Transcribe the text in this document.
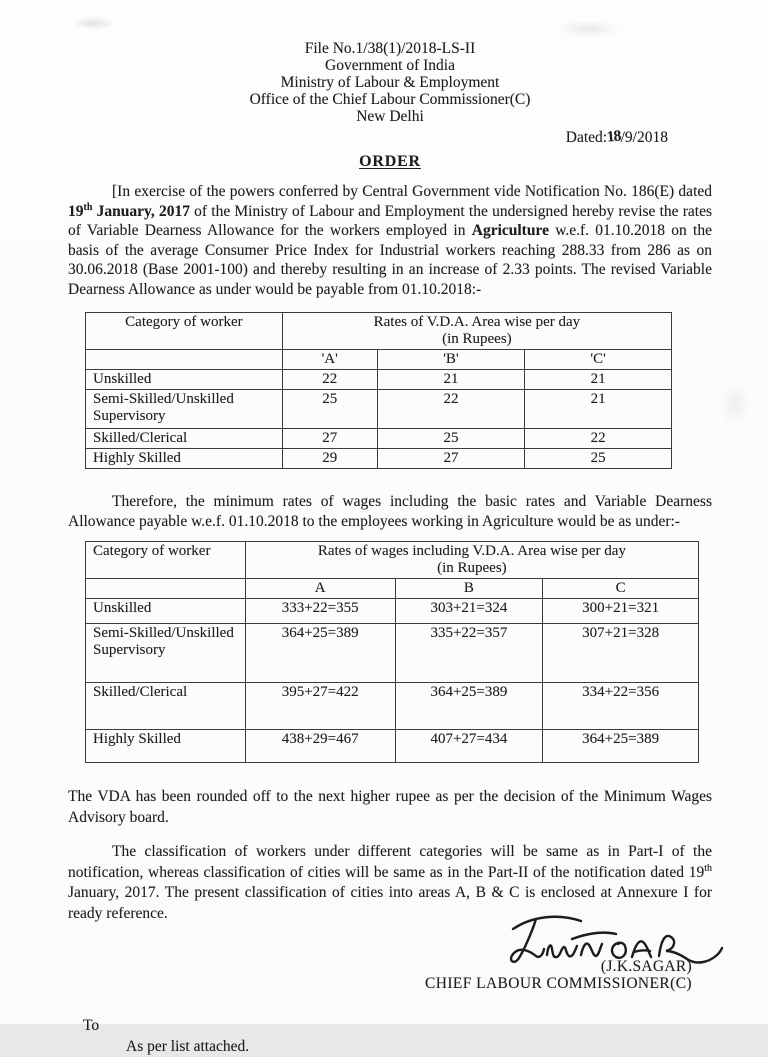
File No.1/38(1)/2018-LS-II
Government of India
Ministry of Labour & Employment
Office of the Chief Labour Commissioner(C)
New Delhi
Dated:18/9/2018
ORDER

[In exercise of the powers conferred by Central Government vide Notification No. 186(E) dated 19th January, 2017 of the Ministry of Labour and Employment the undersigned hereby revise the rates of Variable Dearness Allowance for the workers employed in Agriculture w.e.f. 01.10.2018 on the basis of the average Consumer Price Index for Industrial workers reaching 288.33 from 286 as on 30.06.2018 (Base 2001-100) and thereby resulting in an increase of 2.33 points. The revised Variable Dearness Allowance as under would be payable from 01.10.2018:-

Category of worker	Rates of V.D.A. Area wise per day
(in Rupees)		

	'A'	'B'	'C'
Unskilled	22	21	21
Semi-Skilled/Unskilled Supervisory	25	22	21
Skilled/Clerical	27	25	22
Highly Skilled	29	27	25

Therefore, the minimum rates of wages including the basic rates and Variable Dearness Allowance payable w.e.f. 01.10.2018 to the employees working in Agriculture would be as under:-

Category of worker	Rates of wages including V.D.A. Area wise per day
(in Rupees)		

	A	B	C
Unskilled	333+22=355	303+21=324	300+21=321
Semi-Skilled/Unskilled Supervisory	364+25=389	335+22=357	307+21=328
Skilled/Clerical	395+27=422	364+25=389	334+22=356
Highly Skilled	438+29=467	407+27=434	364+25=389

The VDA has been rounded off to the next higher rupee as per the decision of the Minimum Wages Advisory board.

The classification of workers under different categories will be same as in Part-I of the notification, whereas classification of cities will be same as in the Part-II of the notification dated 19th January, 2017. The present classification of cities into areas A, B & C is enclosed at Annexure I for ready reference.

(J.K.SAGAR)
CHIEF LABOUR COMMISSIONER(C)
To
As per list attached.
